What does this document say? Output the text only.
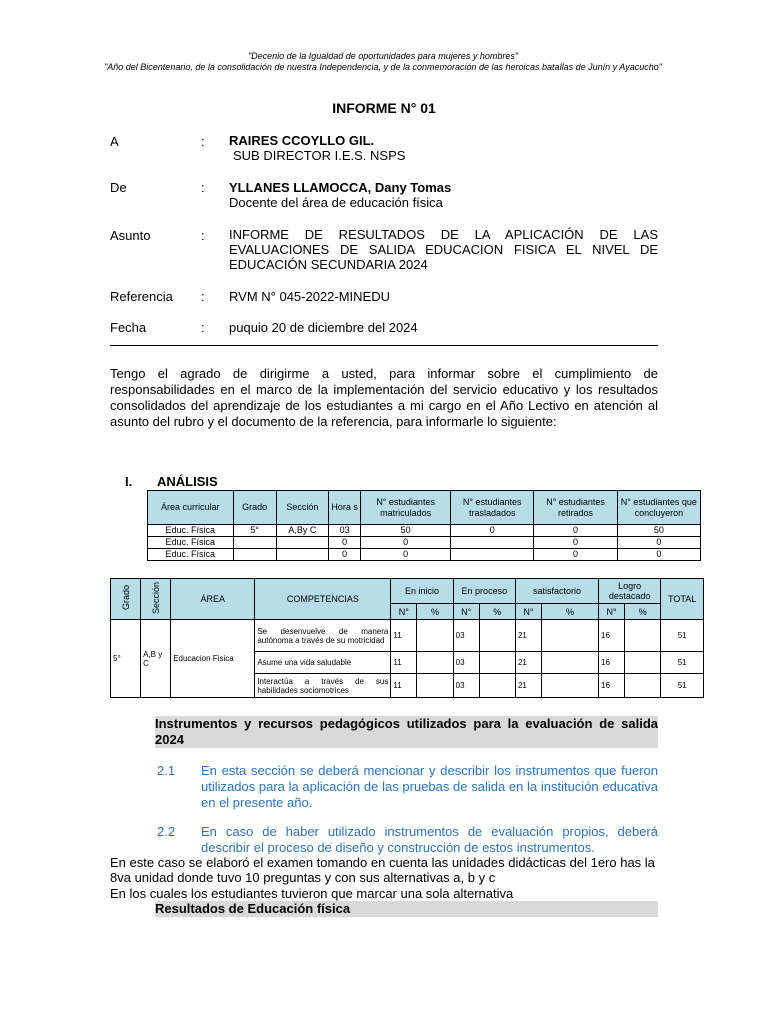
"Decenio de la Igualdad de oportunidades para mujeres y hombres"
"Año del Bicentenario, de la consolidación de nuestra Independencia, y de la conmemoración de las heroicas batallas de Junín y Ayacucho"
INFORME N° 01
A	: RAIRES CCOYLLO GIL.
SUB DIRECTOR I.E.S. NSPS
De	: YLLANES LLAMOCCA, Dany Tomas
Docente del área de educación física
Asunto	: INFORME DE RESULTADOS DE LA APLICACIÓN DE LAS EVALUACIONES DE SALIDA EDUCACION FISICA EL NIVEL DE EDUCACIÓN SECUNDARIA 2024
Referencia : RVM N° 045-2022-MINEDU
Fecha	: puquio 20 de diciembre del 2024
Tengo el agrado de dirigirme a usted, para informar sobre el cumplimiento de responsabilidades en el marco de la implementación del servicio educativo y los resultados consolidados del aprendizaje de los estudiantes a mi cargo en el Año Lectivo en atención al asunto del rubro y el documento de la referencia, para informarle lo siguiente:
I. ANÁLISIS
Área curricular	Grado	Sección	Hora s	N° estudiantes matriculados	N° estudiantes trasladados	N° estudiantes retirados	N° estudiantes que concluyeron
Educ. Física	5°	A,By C	03	50	0	0	50
Educ. Física			0	0		0	0
Educ. Física			0	0		0	0
Grado	Sección	ÁREA	COMPETENCIAS	En inicio		En proceso		satisfactorio		Logro destacado		TOTAL
				N°	%	N°	%	N°	%	N°	%	
5°	A,B y C	Educacion Fisica	Se desenvuelve de manera autónoma a través de su motricidad	11		03		21		16		51
			Asume una vida saludable	11		03		21		16		51
			Interactúa a través de sus habilidades sociomotrices	11		03		21		16		51
Instrumentos y recursos pedagógicos utilizados para la evaluación de salida 2024
2.1 En esta sección se deberá mencionar y describir los instrumentos que fueron utilizados para la aplicación de las pruebas de salida en la institución educativa en el presente año.
2.2 En caso de haber utilizado instrumentos de evaluación propios, deberá describir el proceso de diseño y construcción de estos instrumentos.
En este caso se elaboró el examen tomando en cuenta las unidades didácticas del 1ero has la 8va unidad donde tuvo 10 preguntas y con sus alternativas a, b y c
En los cuales los estudiantes tuvieron que marcar una sola alternativa
Resultados de Educación física
